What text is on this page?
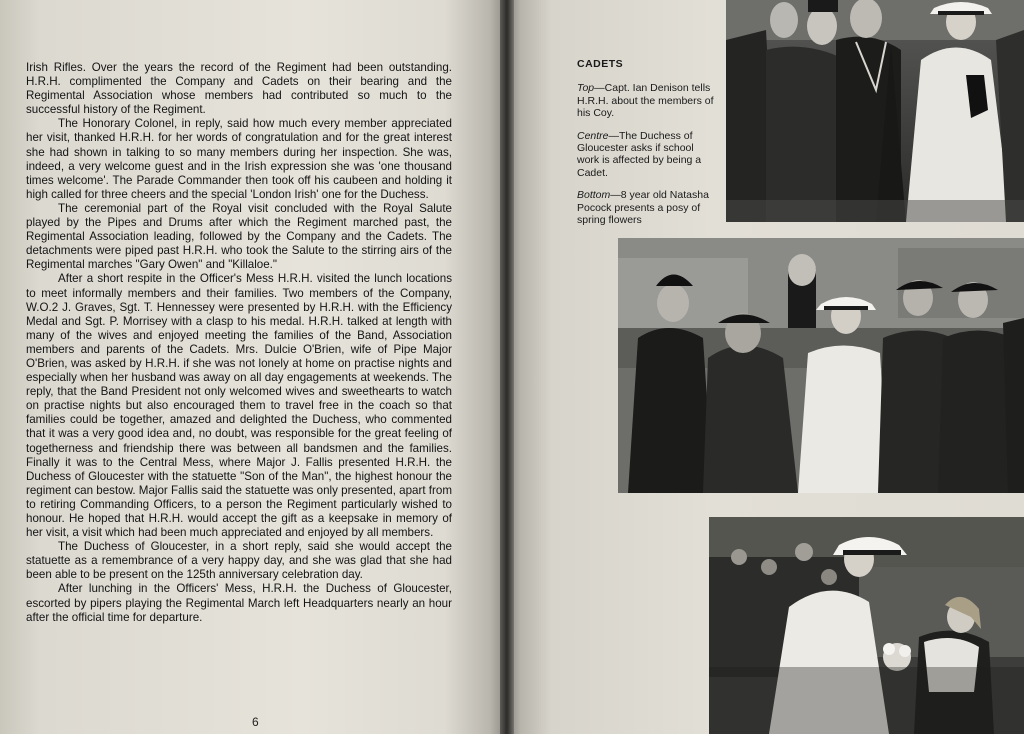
Irish Rifles. Over the years the record of the Regiment had been outstanding. H.R.H. complimented the Company and Cadets on their bearing and the Regimental Association whose members had contributed so much to the successful history of the Regiment.

The Honorary Colonel, in reply, said how much every member appreciated her visit, thanked H.R.H. for her words of congratulation and for the great interest she had shown in talking to so many members during her inspection. She was, indeed, a very welcome guest and in the Irish expression she was 'one thousand times welcome'. The Parade Commander then took off his caubeen and holding it high called for three cheers and the special 'London Irish' one for the Duchess.

The ceremonial part of the Royal visit concluded with the Royal Salute played by the Pipes and Drums after which the Regiment marched past, the Regimental Association leading, followed by the Company and the Cadets. The detachments were piped past H.R.H. who took the Salute to the stirring airs of the Regimental marches "Gary Owen" and "Killaloe."

After a short respite in the Officer's Mess H.R.H. visited the lunch locations to meet informally members and their families. Two members of the Company, W.O.2 J. Graves, Sgt. T. Hennessey were presented by H.R.H. with the Efficiency Medal and Sgt. P. Morrisey with a clasp to his medal. H.R.H. talked at length with many of the wives and enjoyed meeting the families of the Band, Association members and parents of the Cadets. Mrs. Dulcie O'Brien, wife of Pipe Major O'Brien, was asked by H.R.H. if she was not lonely at home on practise nights and especially when her husband was away on all day engagements at weekends. The reply, that the Band President not only welcomed wives and sweethearts to watch on practise nights but also encouraged them to travel free in the coach so that families could be together, amazed and delighted the Duchess, who commented that it was a very good idea and, no doubt, was responsible for the great feeling of togetherness and friendship there was between all bandsmen and the families. Finally it was to the Central Mess, where Major J. Fallis presented H.R.H. the Duchess of Gloucester with the statuette "Son of the Man", the highest honour the regiment can bestow. Major Fallis said the statuette was only presented, apart from to retiring Commanding Officers, to a person the Regiment particularly wished to honour. He hoped that H.R.H. would accept the gift as a keepsake in memory of her visit, a visit which had been much appreciated and enjoyed by all members.

The Duchess of Gloucester, in a short reply, said she would accept the statuette as a remembrance of a very happy day, and she was glad that she had been able to be present on the 125th anniversary celebration day.

After lunching in the Officers' Mess, H.R.H. the Duchess of Gloucester, escorted by pipers playing the Regimental March left Headquarters nearly an hour after the official time for departure.

6
CADETS
Top—Capt. Ian Denison tells H.R.H. about the members of his Coy.
Centre—The Duchess of Gloucester asks if school work is affected by being a Cadet.
Bottom—8 year old Natasha Pocock presents a posy of spring flowers
